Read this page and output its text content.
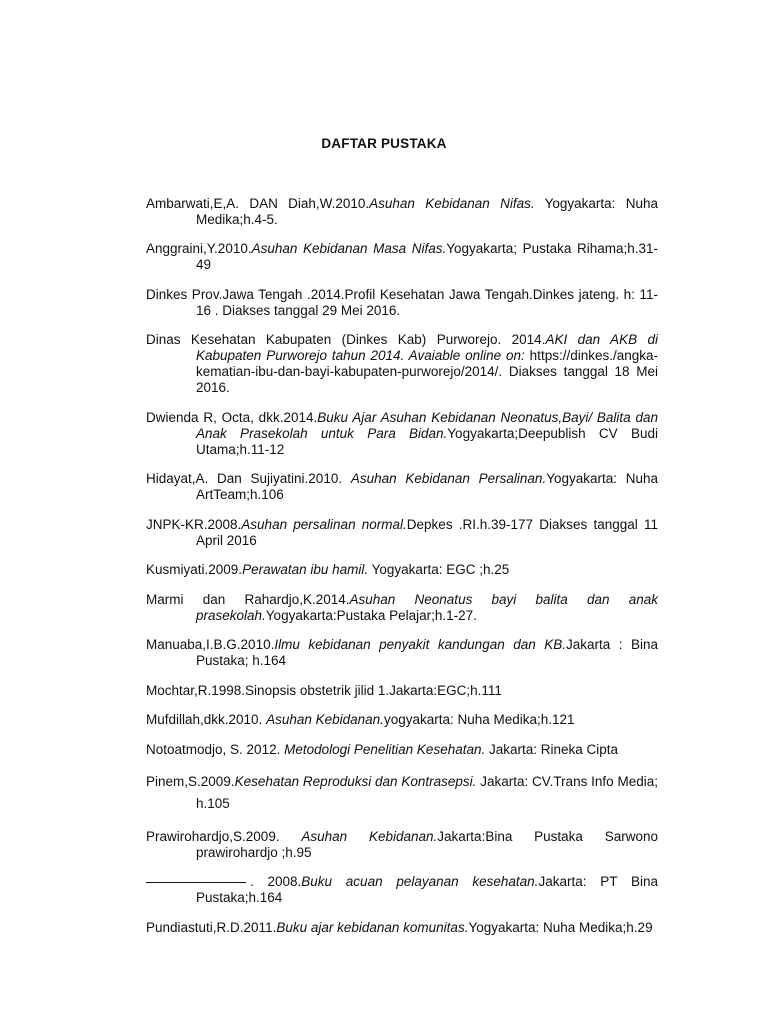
DAFTAR PUSTAKA

Ambarwati,E,A. DAN Diah,W.2010.Asuhan Kebidanan Nifas. Yogyakarta: Nuha Medika;h.4-5.

Anggraini,Y.2010.Asuhan Kebidanan Masa Nifas.Yogyakarta; Pustaka Rihama;h.31-49

Dinkes Prov.Jawa Tengah .2014.Profil Kesehatan Jawa Tengah.Dinkes jateng. h: 11-16 . Diakses tanggal 29 Mei 2016.

Dinas Kesehatan Kabupaten (Dinkes Kab) Purworejo. 2014.AKI dan AKB di Kabupaten Purworejo tahun 2014. Avaiable online on: https://dinkes./angka-kematian-ibu-dan-bayi-kabupaten-purworejo/2014/. Diakses tanggal 18 Mei 2016.

Dwienda R, Octa, dkk.2014.Buku Ajar Asuhan Kebidanan Neonatus,Bayi/ Balita dan Anak Prasekolah untuk Para Bidan.Yogyakarta;Deepublish CV Budi Utama;h.11-12

Hidayat,A. Dan Sujiyatini.2010. Asuhan Kebidanan Persalinan.Yogyakarta: Nuha ArtTeam;h.106

JNPK-KR.2008.Asuhan persalinan normal.Depkes .RI.h.39-177 Diakses tanggal 11 April 2016

Kusmiyati.2009.Perawatan ibu hamil. Yogyakarta: EGC ;h.25

Marmi dan Rahardjo,K.2014.Asuhan Neonatus bayi balita dan anak prasekolah.Yogyakarta:Pustaka Pelajar;h.1-27.

Manuaba,I.B.G.2010.Ilmu kebidanan penyakit kandungan dan KB.Jakarta : Bina Pustaka; h.164

Mochtar,R.1998.Sinopsis obstetrik jilid 1.Jakarta:EGC;h.111

Mufdillah,dkk.2010. Asuhan Kebidanan.yogyakarta: Nuha Medika;h.121

Notoatmodjo, S. 2012. Metodologi Penelitian Kesehatan. Jakarta: Rineka Cipta

Pinem,S.2009.Kesehatan Reproduksi dan Kontrasepsi. Jakarta: CV.Trans Info Media; h.105

Prawirohardjo,S.2009. Asuhan Kebidanan.Jakarta:Bina Pustaka Sarwono prawirohardjo ;h.95

. 2008.Buku acuan pelayanan kesehatan.Jakarta: PT Bina Pustaka;h.164

Pundiastuti,R.D.2011.Buku ajar kebidanan komunitas.Yogyakarta: Nuha Medika;h.29
